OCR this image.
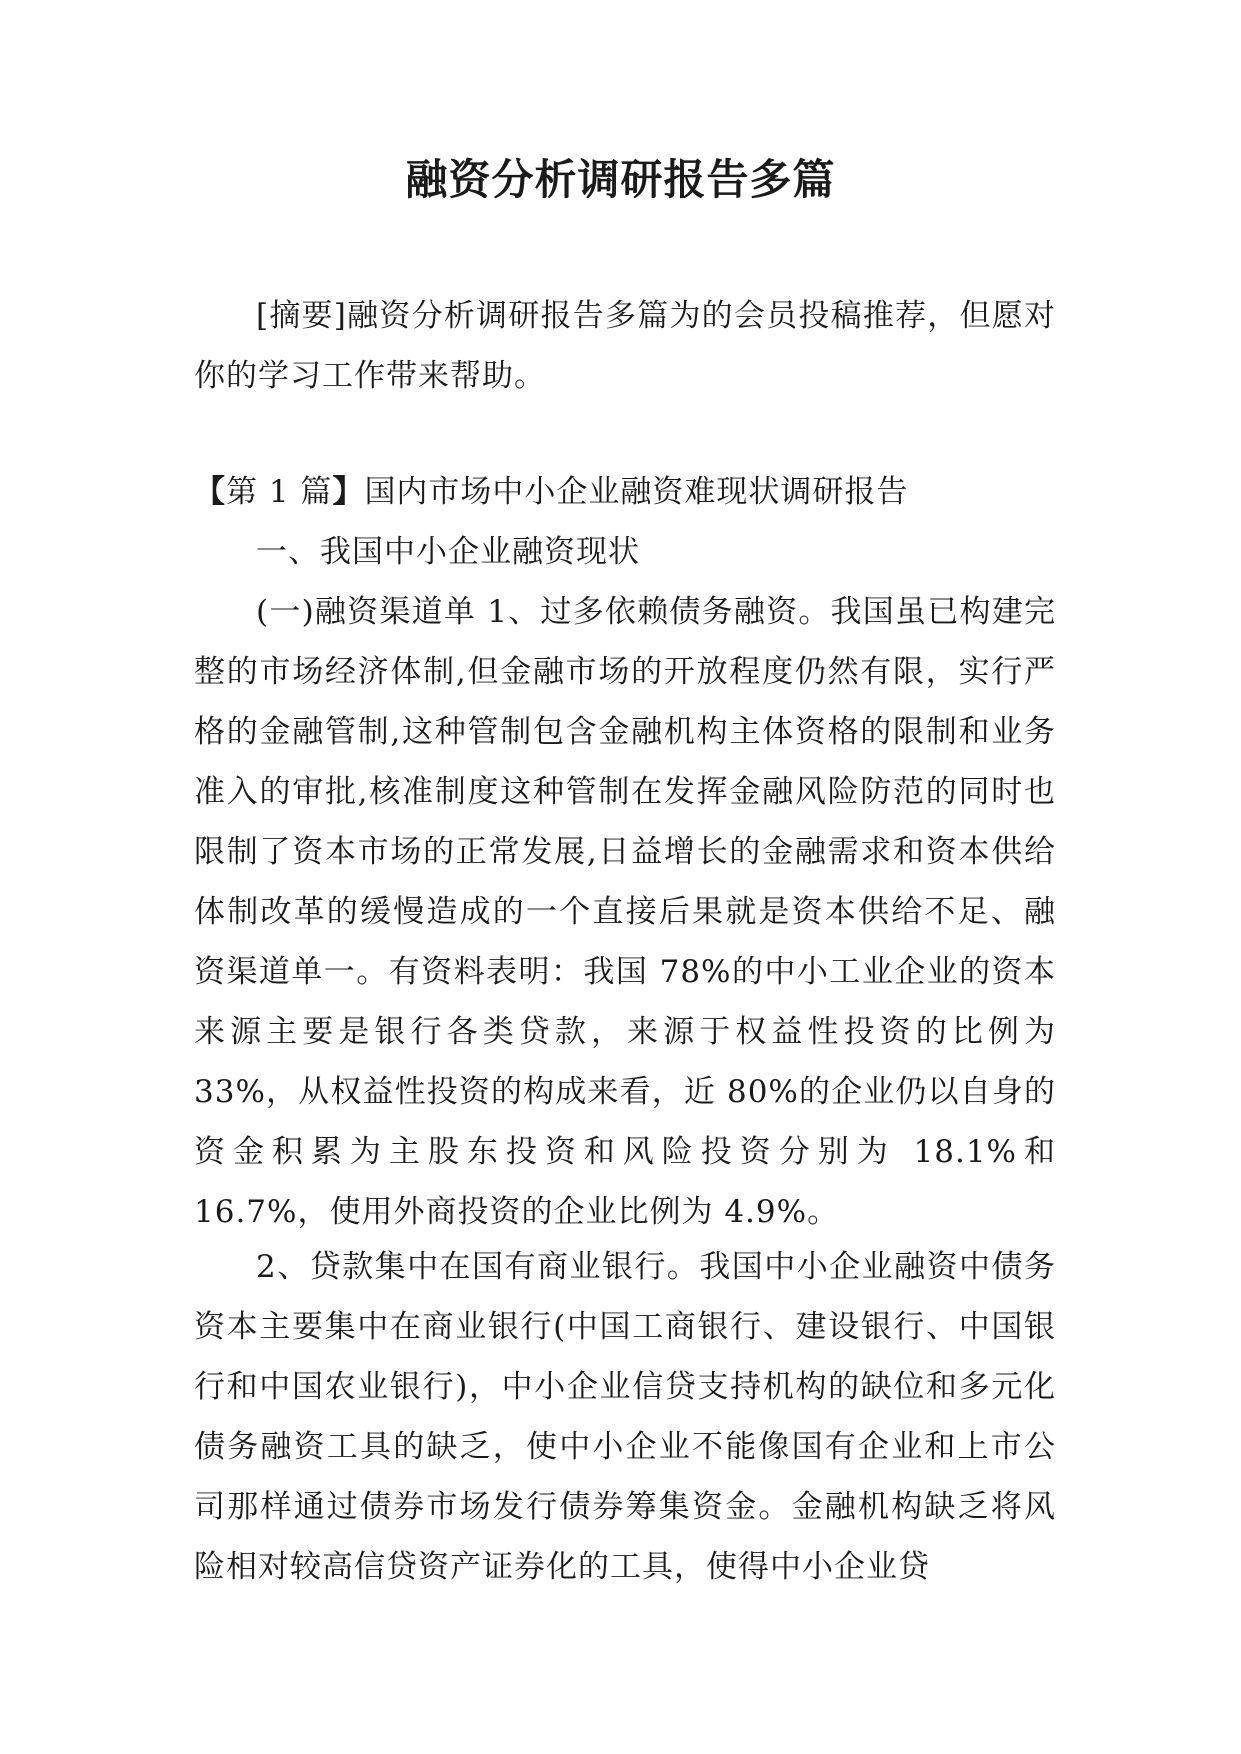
融资分析调研报告多篇

[摘要]融资分析调研报告多篇为的会员投稿推荐，但愿对你的学习工作带来帮助。

【第 1 篇】国内市场中小企业融资难现状调研报告

一、我国中小企业融资现状

(一)融资渠道单 1、过多依赖债务融资。我国虽已构建完整的市场经济体制,但金融市场的开放程度仍然有限，实行严格的金融管制,这种管制包含金融机构主体资格的限制和业务准入的审批,核准制度这种管制在发挥金融风险防范的同时也限制了资本市场的正常发展,日益增长的金融需求和资本供给体制改革的缓慢造成的一个直接后果就是资本供给不足、融资渠道单一。有资料表明：我国 78%的中小工业企业的资本来源主要是银行各类贷款，来源于权益性投资的比例为 33%，从权益性投资的构成来看，近 80%的企业仍以自身的资金积累为主股东投资和风险投资分别为 18.1%和 16.7%，使用外商投资的企业比例为 4.9%。

2、贷款集中在国有商业银行。我国中小企业融资中债务资本主要集中在商业银行(中国工商银行、建设银行、中国银行和中国农业银行)，中小企业信贷支持机构的缺位和多元化债务融资工具的缺乏，使中小企业不能像国有企业和上市公司那样通过债券市场发行债券筹集资金。金融机构缺乏将风险相对较高信贷资产证券化的工具，使得中小企业贷
